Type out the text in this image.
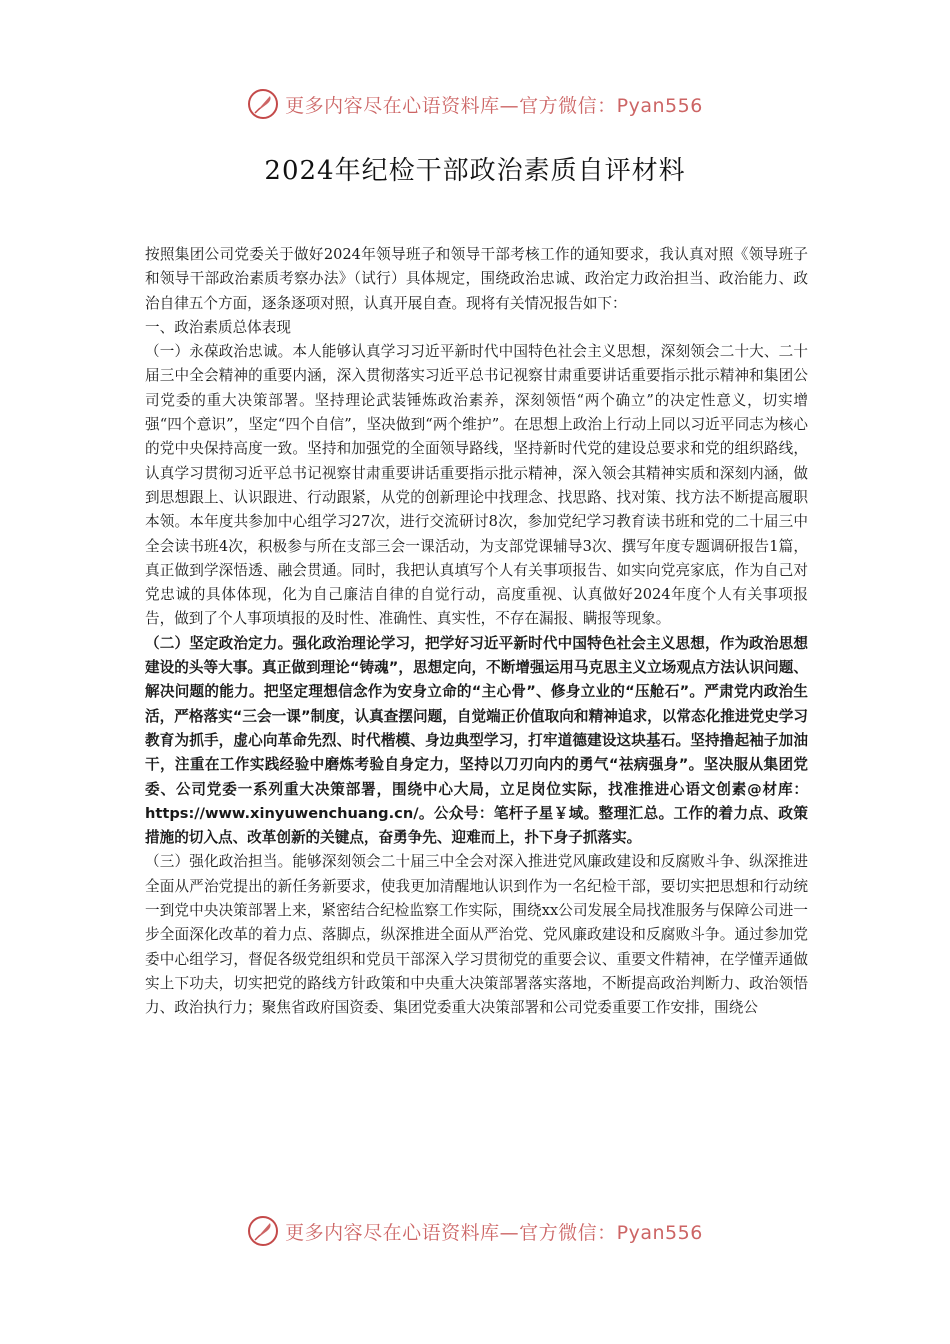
更多内容尽在心语资料库—官方微信：Pyan556
2024年纪检干部政治素质自评材料

按照集团公司党委关于做好2024年领导班子和领导干部考核工作的通知要求，我认真对照《领导班子和领导干部政治素质考察办法》（试行）具体规定，围绕政治忠诚、政治定力政治担当、政治能力、政治自律五个方面，逐条逐项对照，认真开展自查。现将有关情况报告如下：

一、政治素质总体表现

（一）永葆政治忠诚。本人能够认真学习习近平新时代中国特色社会主义思想，深刻领会二十大、二十届三中全会精神的重要内涵，深入贯彻落实习近平总书记视察甘肃重要讲话重要指示批示精神和集团公司党委的重大决策部署。坚持理论武装锤炼政治素养，深刻领悟“两个确立”的决定性意义，切实增强“四个意识”，坚定“四个自信”，坚决做到“两个维护”。在思想上政治上行动上同以习近平同志为核心的党中央保持高度一致。坚持和加强党的全面领导路线，坚持新时代党的建设总要求和党的组织路线，认真学习贯彻习近平总书记视察甘肃重要讲话重要指示批示精神，深入领会其精神实质和深刻内涵，做到思想跟上、认识跟进、行动跟紧，从党的创新理论中找理念、找思路、找对策、找方法不断提高履职本领。本年度共参加中心组学习27次，进行交流研讨8次，参加党纪学习教育读书班和党的二十届三中全会读书班4次，积极参与所在支部三会一课活动，为支部党课辅导3次、撰写年度专题调研报告1篇，真正做到学深悟透、融会贯通。同时，我把认真填写个人有关事项报告、如实向党亮家底，作为自己对党忠诚的具体体现，化为自己廉洁自律的自觉行动，高度重视、认真做好2024年度个人有关事项报告，做到了个人事项填报的及时性、准确性、真实性，不存在漏报、瞒报等现象。

（二）坚定政治定力。强化政治理论学习，把学好习近平新时代中国特色社会主义思想，作为政治思想建设的头等大事。真正做到理论“铸魂”，思想定向，不断增强运用马克思主义立场观点方法认识问题、解决问题的能力。把坚定理想信念作为安身立命的“主心骨”、修身立业的“压舱石”。严肃党内政治生活，严格落实“三会一课”制度，认真查摆问题，自觉端正价值取向和精神追求，以常态化推进党史学习教育为抓手，虚心向革命先烈、时代楷模、身边典型学习，打牢道德建设这块基石。坚持撸起袖子加油干，注重在工作实践经验中磨炼考验自身定力，坚持以刀刃向内的勇气“祛病强身”。坚决服从集团党委、公司党委一系列重大决策部署，围绕中心大局，立足岗位实际，找准推进心语文创素@材库：https://www.xinyuwenchuang.cn/。公众号：笔杆子星￥域。整理汇总。工作的着力点、政策措施的切入点、改革创新的关键点，奋勇争先、迎难而上，扑下身子抓落实。

（三）强化政治担当。能够深刻领会二十届三中全会对深入推进党风廉政建设和反腐败斗争、纵深推进全面从严治党提出的新任务新要求，使我更加清醒地认识到作为一名纪检干部，要切实把思想和行动统一到党中央决策部署上来，紧密结合纪检监察工作实际，围绕xx公司发展全局找准服务与保障公司进一步全面深化改革的着力点、落脚点，纵深推进全面从严治党、党风廉政建设和反腐败斗争。通过参加党委中心组学习，督促各级党组织和党员干部深入学习贯彻党的重要会议、重要文件精神，在学懂弄通做实上下功夫，切实把党的路线方针政策和中央重大决策部署落实落地，不断提高政治判断力、政治领悟力、政治执行力；聚焦省政府国资委、集团党委重大决策部署和公司党委重要工作安排，围绕公

更多内容尽在心语资料库—官方微信：Pyan556
